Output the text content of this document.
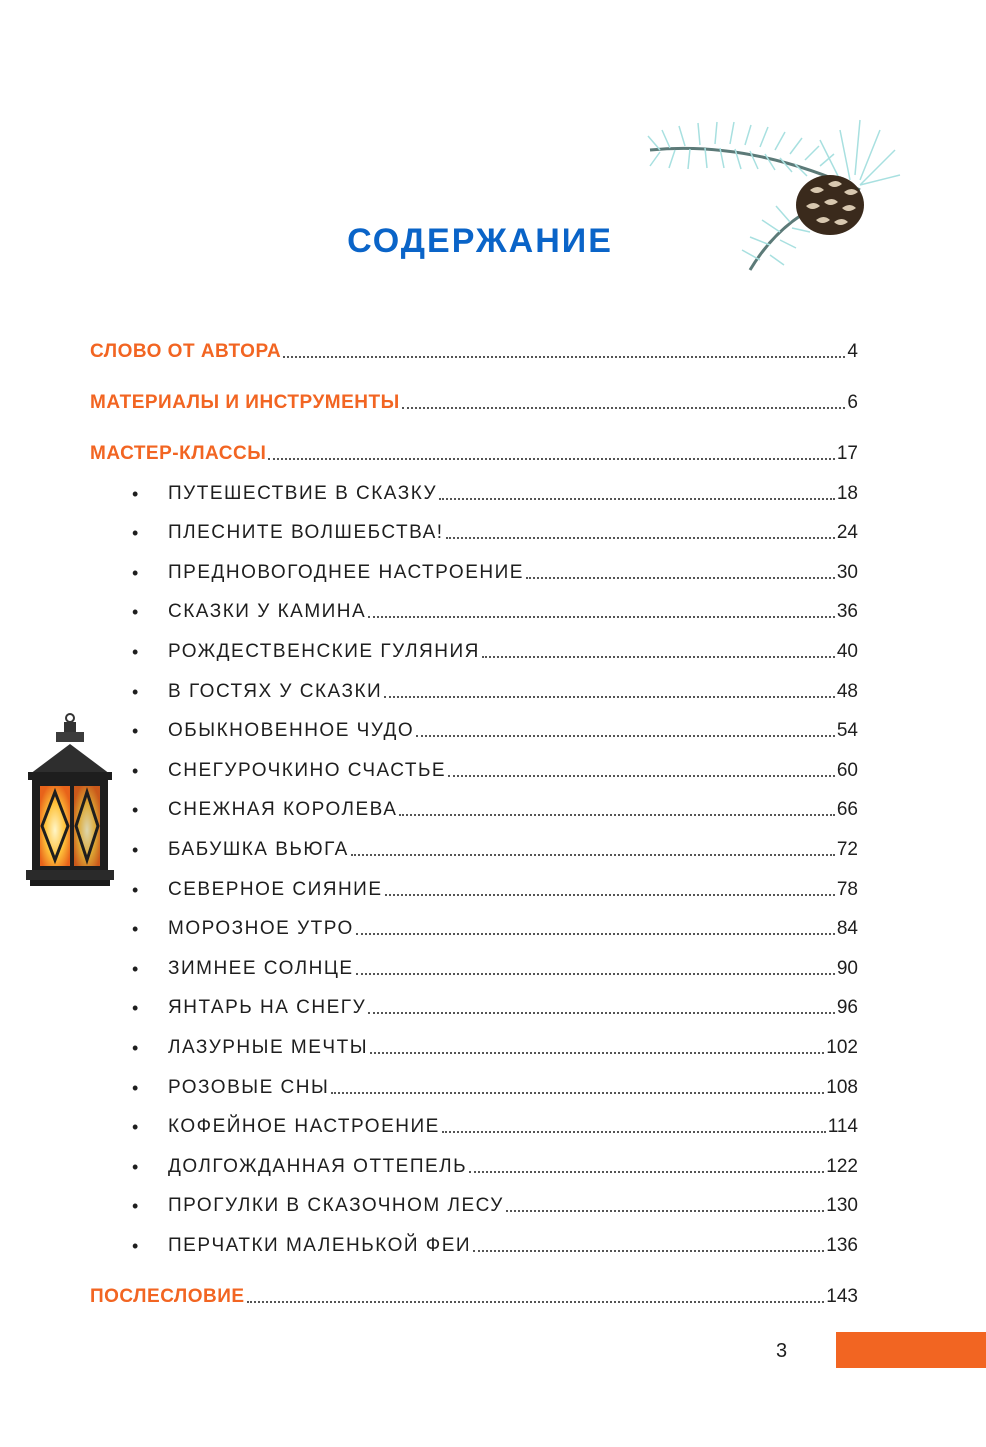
СОДЕРЖАНИЕ
СЛОВО ОТ АВТОРА	4
МАТЕРИАЛЫ И ИНСТРУМЕНТЫ	6
МАСТЕР-КЛАССЫ	17
•	ПУТЕШЕСТВИЕ В СКАЗКУ	18
•	ПЛЕСНИТЕ ВОЛШЕБСТВА!	24
•	ПРЕДНОВОГОДНЕЕ НАСТРОЕНИЕ	30
•	СКАЗКИ У КАМИНА	36
•	РОЖДЕСТВЕНСКИЕ ГУЛЯНИЯ	40
•	В ГОСТЯХ У СКАЗКИ	48
•	ОБЫКНОВЕННОЕ ЧУДО	54
•	СНЕГУРОЧКИНО СЧАСТЬЕ	60
•	СНЕЖНАЯ КОРОЛЕВА	66
•	БАБУШКА ВЬЮГА	72
•	СЕВЕРНОЕ СИЯНИЕ	78
•	МОРОЗНОЕ УТРО	84
•	ЗИМНЕЕ СОЛНЦЕ	90
•	ЯНТАРЬ НА СНЕГУ	96
•	ЛАЗУРНЫЕ МЕЧТЫ	102
•	РОЗОВЫЕ СНЫ	108
•	КОФЕЙНОЕ НАСТРОЕНИЕ	114
•	ДОЛГОЖДАННАЯ ОТТЕПЕЛЬ	122
•	ПРОГУЛКИ В СКАЗОЧНОМ ЛЕСУ	130
•	ПЕРЧАТКИ МАЛЕНЬКОЙ ФЕИ	136
ПОСЛЕСЛОВИЕ	143
3
